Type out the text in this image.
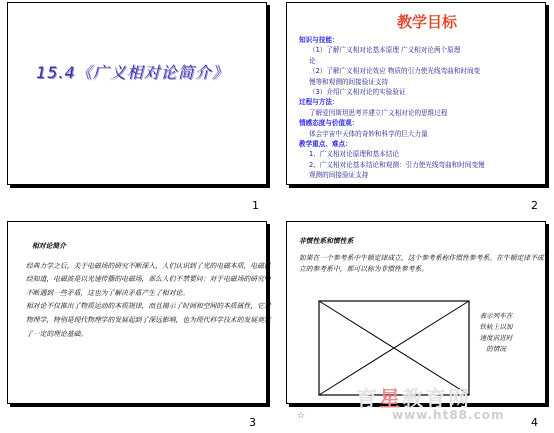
15.4《广义相对论简介》
1
教学目标

知识与技能：

（1）了解广义相对论基本原理 广义相对论两个原理

论

（2）了解广义相对论效应 物质的引力使光线弯曲和时间变

慢等和观测的间接验证支持

（3）介绍广义相对论的实验验证

过程与方法：

了解爱因斯坦思考并建立广义相对论的思维过程

情感态度与价值观：

体会宇宙中天体的奇妙和科学的巨大力量

教学重点、难点：

1、广义相对论原理和基本结论

2、广义相对论基本结论和观测：引力使光线弯曲和时间变慢

观测的间接验证支持

2

相对论简介

经典力学之后，关于电磁场的研究不断深入，人们认识到了光的电磁本质，电磁已经知道，电磁波是以光速传播的电磁场，那么人们不禁要问：对于电磁场的研究中不断遇到一些矛盾，这也为了解决矛盾产生了相对论。

相对论不仅推出了物质运动的本质规律，而且揭示了时间和空间的本质属性，它对物理学，特别是现代物理学的发展起到了深远影响，也为现代科学技术的发展奠定了一定的理论基础。

3

非惯性系和惯性系

如果在一个参考系中牛顿定律成立，这个参考系称作惯性参考系。在牛顿定律不成立的参考系中，都可以称为非惯性参考系。

表示列车在铁轨上以加速度前进时的情况
4
☆
育星教育网
www.ht88.com
